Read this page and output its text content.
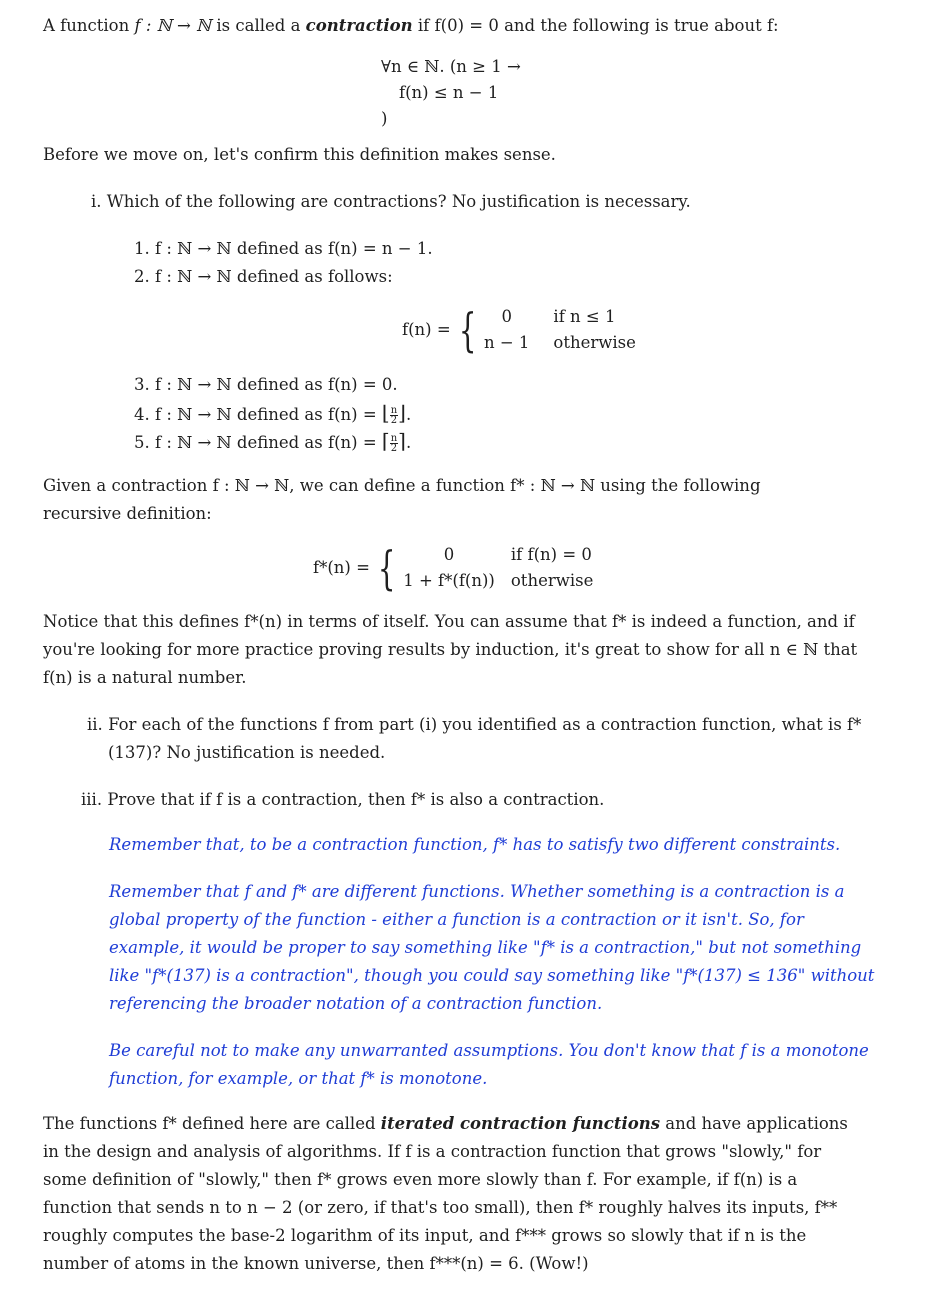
A function f : ℕ → ℕ is called a contraction if f(0) = 0 and the following is true about f:

∀n ∈ ℕ. (n ≥ 1 →
f(n) ≤ n − 1
)

Before we move on, let's confirm this definition makes sense.

i. Which of the following are contractions? No justification is necessary.

1. f : ℕ → ℕ defined as f(n) = n − 1.
2. f : ℕ → ℕ defined as follows:
f(n) = {	0	if n ≤ 1
n − 1 otherwise
3. f : ℕ → ℕ defined as f(n) = 0.
4. f : ℕ → ℕ defined as f(n) = ⌊ $\frac{n}{2}$ ⌋.
5. f : ℕ → ℕ defined as f(n) = ⌈ $\frac{n}{2}$ ⌉.

Given a contraction f : ℕ → ℕ, we can define a function f* : ℕ → ℕ using the following recursive definition:

f*(n) = {	0	if f(n) = 0
1 + f*(f(n)) otherwise

Notice that this defines f*(n) in terms of itself. You can assume that f* is indeed a function, and if you're looking for more practice proving results by induction, it's great to show for all n ∈ ℕ that f(n) is a natural number.

ii. For each of the functions f from part (i) you identified as a contraction function, what is f*(137)? No justification is needed.

iii. Prove that if f is a contraction, then f* is also a contraction.

Remember that, to be a contraction function, f* has to satisfy two different constraints.

Remember that f and f* are different functions. Whether something is a contraction is a global property of the function - either a function is a contraction or it isn't. So, for example, it would be proper to say something like "f* is a contraction," but not something like "f*(137) is a contraction", though you could say something like "f*(137) ≤ 136" without referencing the broader notation of a contraction function.

Be careful not to make any unwarranted assumptions. You don't know that f is a monotone function, for example, or that f* is monotone.

The functions f* defined here are called iterated contraction functions and have applications in the design and analysis of algorithms. If f is a contraction function that grows "slowly," for some definition of "slowly," then f* grows even more slowly than f. For example, if f(n) is a function that sends n to n − 2 (or zero, if that's too small), then f* roughly halves its inputs, f** roughly computes the base-2 logarithm of its input, and f*** grows so slowly that if n is the number of atoms in the known universe, then f***(n) = 6. (Wow!)
